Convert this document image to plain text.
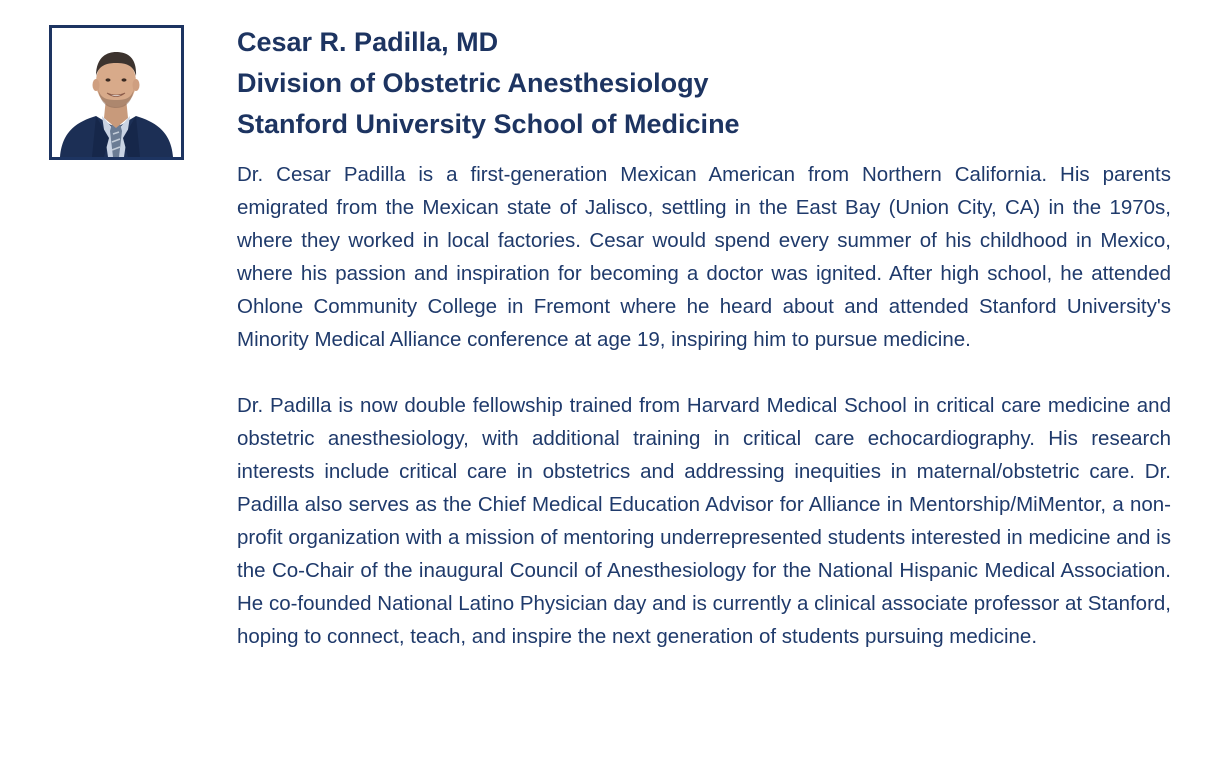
Cesar R. Padilla, MD
Division of Obstetric Anesthesiology
Stanford University School of Medicine

Dr. Cesar Padilla is a first-generation Mexican American from Northern California. His parents emigrated from the Mexican state of Jalisco, settling in the East Bay (Union City, CA) in the 1970s, where they worked in local factories. Cesar would spend every summer of his childhood in Mexico, where his passion and inspiration for becoming a doctor was ignited. After high school, he attended Ohlone Community College in Fremont where he heard about and attended Stanford University's Minority Medical Alliance conference at age 19, inspiring him to pursue medicine.

Dr. Padilla is now double fellowship trained from Harvard Medical School in critical care medicine and obstetric anesthesiology, with additional training in critical care echocardiography. His research interests include critical care in obstetrics and addressing inequities in maternal/obstetric care. Dr. Padilla also serves as the Chief Medical Education Advisor for Alliance in Mentorship/MiMentor, a non-profit organization with a mission of mentoring underrepresented students interested in medicine and is the Co-Chair of the inaugural Council of Anesthesiology for the National Hispanic Medical Association. He co-founded National Latino Physician day and is currently a clinical associate professor at Stanford, hoping to connect, teach, and inspire the next generation of students pursuing medicine.
